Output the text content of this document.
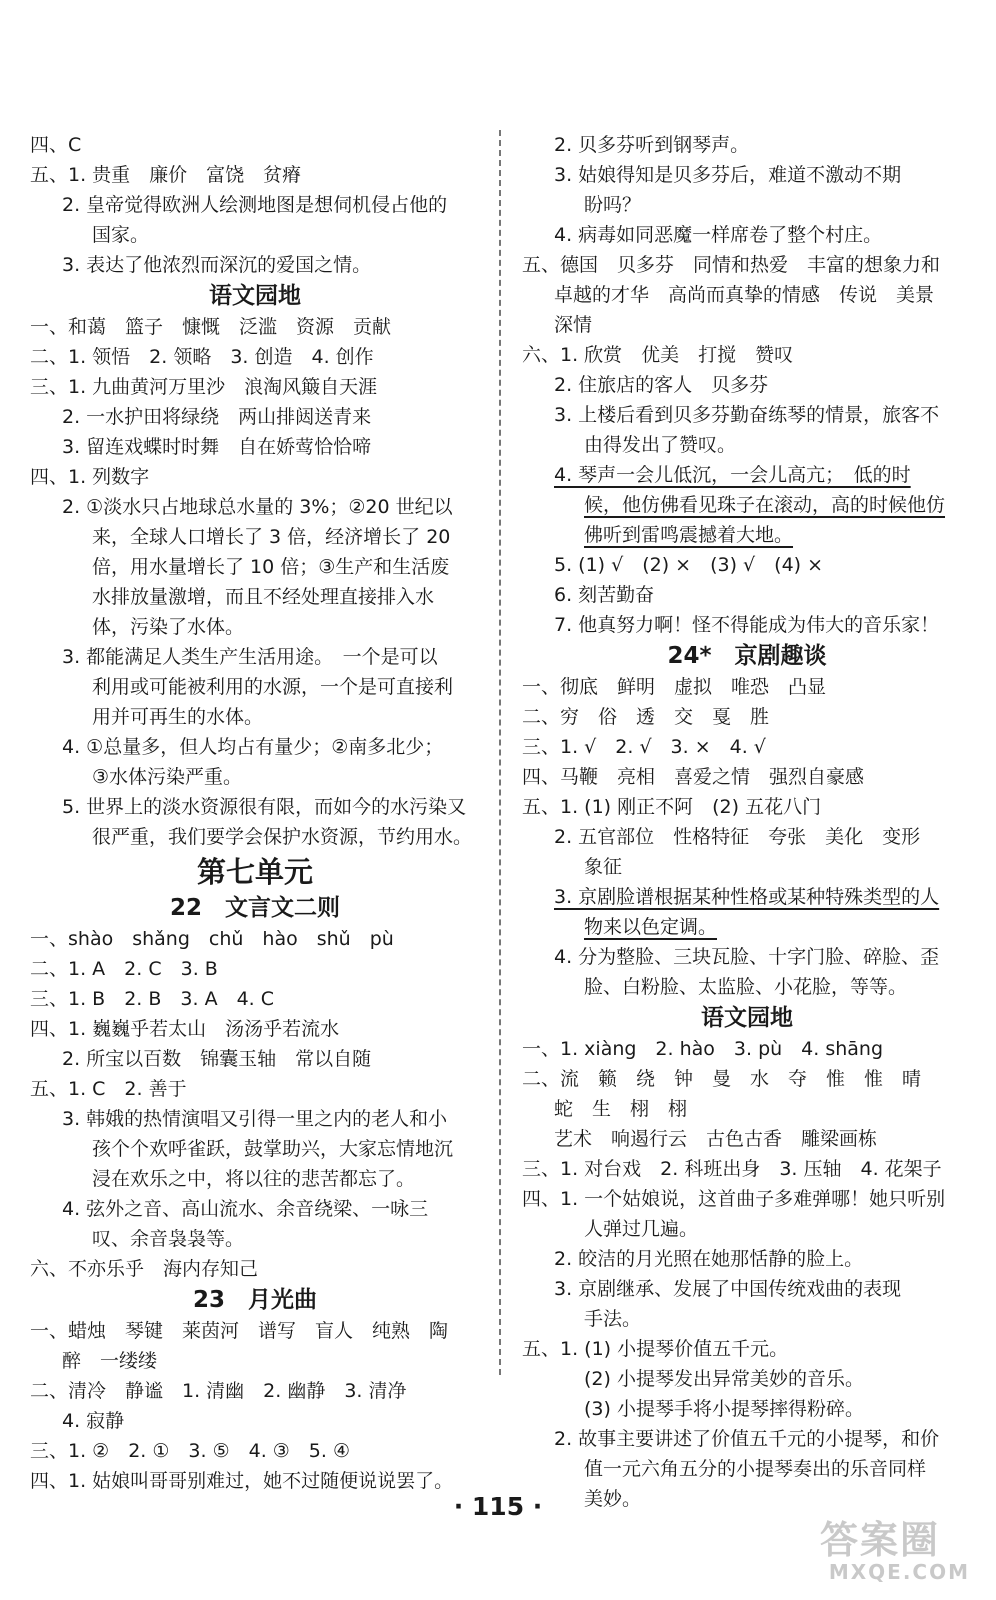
四、C
五、1. 贵重　廉价　富饶　贫瘠
2. 皇帝觉得欧洲人绘测地图是想伺机侵占他的
国家。
3. 表达了他浓烈而深沉的爱国之情。
语文园地
一、和蔼　篮子　慷慨　泛滥　资源　贡献
二、1. 领悟　2. 领略　3. 创造　4. 创作
三、1. 九曲黄河万里沙　浪淘风簸自天涯
2. 一水护田将绿绕　两山排闼送青来
3. 留连戏蝶时时舞　自在娇莺恰恰啼
四、1. 列数字
2. ①淡水只占地球总水量的 3%；②20 世纪以
来，全球人口增长了 3 倍，经济增长了 20
倍，用水量增长了 10 倍；③生产和生活废
水排放量激增，而且不经处理直接排入水
体，污染了水体。
3. 都能满足人类生产生活用途。　一个是可以
利用或可能被利用的水源，一个是可直接利
用并可再生的水体。
4. ①总量多，但人均占有量少；②南多北少；
③水体污染严重。
5. 世界上的淡水资源很有限，而如今的水污染又
很严重，我们要学会保护水资源，节约用水。
第七单元
22　文言文二则
一、shào　shǎng　chǔ　hào　shǔ　pù
二、1. A　2. C　3. B
三、1. B　2. B　3. A　4. C
四、1. 巍巍乎若太山　汤汤乎若流水
2. 所宝以百数　锦囊玉轴　常以自随
五、1. C　2. 善于
3. 韩娥的热情演唱又引得一里之内的老人和小
孩个个欢呼雀跃，鼓掌助兴，大家忘情地沉
浸在欢乐之中，将以往的悲苦都忘了。
4. 弦外之音、高山流水、余音绕梁、一咏三
叹、余音袅袅等。
六、不亦乐乎　海内存知己
23　月光曲
一、蜡烛　琴键　莱茵河　谱写　盲人　纯熟　陶
醉　一缕缕
二、清冷　静谧　1. 清幽　2. 幽静　3. 清净
4. 寂静
三、1. ②　2. ①　3. ⑤　4. ③　5. ④
四、1. 姑娘叫哥哥别难过，她不过随便说说罢了。
2. 贝多芬听到钢琴声。
3. 姑娘得知是贝多芬后，难道不激动不期
盼吗？
4. 病毒如同恶魔一样席卷了整个村庄。
五、德国　贝多芬　同情和热爱　丰富的想象力和
卓越的才华　高尚而真挚的情感　传说　美景
深情
六、1. 欣赏　优美　打搅　赞叹
2. 住旅店的客人　贝多芬
3. 上楼后看到贝多芬勤奋练琴的情景，旅客不
由得发出了赞叹。
4. 琴声一会儿低沉，一会儿高亢；　低的时
候，他仿佛看见珠子在滚动，高的时候他仿
佛听到雷鸣震撼着大地。
5. (1) √　(2) ×　(3) √　(4) ×
6. 刻苦勤奋
7. 他真努力啊！怪不得能成为伟大的音乐家！
24*　京剧趣谈
一、彻底　鲜明　虚拟　唯恐　凸显
二、穷　俗　透　交　戛　胜
三、1. √　2. √　3. ×　4. √
四、马鞭　亮相　喜爱之情　强烈自豪感
五、1. (1) 刚正不阿　(2) 五花八门
2. 五官部位　性格特征　夸张　美化　变形
象征
3. 京剧脸谱根据某种性格或某种特殊类型的人
物来以色定调。
4. 分为整脸、三块瓦脸、十字门脸、碎脸、歪
脸、白粉脸、太监脸、小花脸，等等。
语文园地
一、1. xiàng　2. hào　3. pù　4. shāng
二、流　籁　绕　钟　曼　水　夺　惟　惟　晴
蛇　生　栩　栩
艺术　响遏行云　古色古香　雕梁画栋
三、1. 对台戏　2. 科班出身　3. 压轴　4. 花架子
四、1. 一个姑娘说，这首曲子多难弹哪！她只听别
人弹过几遍。
2. 皎洁的月光照在她那恬静的脸上。
3. 京剧继承、发展了中国传统戏曲的表现
手法。
五、1. (1) 小提琴价值五千元。
(2) 小提琴发出异常美妙的音乐。
(3) 小提琴手将小提琴摔得粉碎。
2. 故事主要讲述了价值五千元的小提琴，和价
值一元六角五分的小提琴奏出的乐音同样
美妙。
· 115 ·
答案圈
MXQE.COM
